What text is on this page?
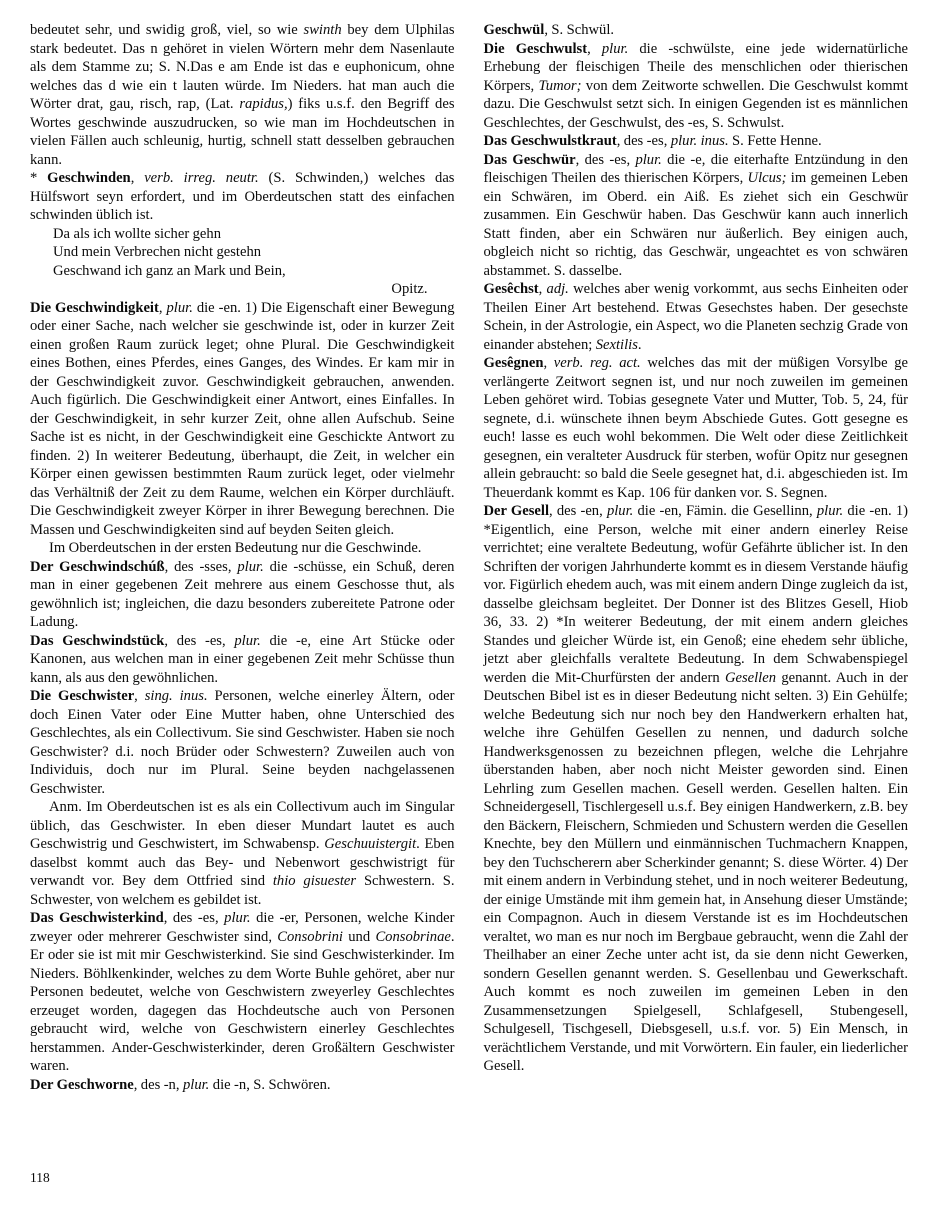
bedeutet sehr, und swidig groß, viel, so wie swinth bey dem Ulphilas stark bedeutet. Das n gehöret in vielen Wörtern mehr dem Nasenlaute als dem Stamme zu; S. N.Das e am Ende ist das e euphonicum, ohne welches das d wie ein t lauten würde. Im Nieders. hat man auch die Wörter drat, gau, risch, rap, (Lat. rapidus,) fiks u.s.f. den Begriff des Wortes geschwinde auszudrucken, so wie man im Hochdeutschen in vielen Fällen auch schleunig, hurtig, schnell statt desselben gebrauchen kann.

* Geschwinden, verb. irreg. neutr. (S. Schwinden,) welches das Hülfswort seyn erfordert, und im Oberdeutschen statt des einfachen schwinden üblich ist.

Da als ich wollte sicher gehn

Und mein Verbrechen nicht gestehn

Geschwand ich ganz an Mark und Bein,

Opitz.

Die Geschwindigkeit, plur. die -en. 1) Die Eigenschaft einer Bewegung oder einer Sache, nach welcher sie geschwinde ist, oder in kurzer Zeit einen großen Raum zurück leget; ohne Plural. Die Geschwindigkeit eines Bothen, eines Pferdes, eines Ganges, des Windes. Er kam mir in der Geschwindigkeit zuvor. Geschwindigkeit gebrauchen, anwenden. Auch figürlich. Die Geschwindigkeit einer Antwort, eines Einfalles. In der Geschwindigkeit, in sehr kurzer Zeit, ohne allen Aufschub. Seine Sache ist es nicht, in der Geschwindigkeit eine Geschickte Antwort zu finden. 2) In weiterer Bedeutung, überhaupt, die Zeit, in welcher ein Körper einen gewissen bestimmten Raum zurück leget, oder vielmehr das Verhältniß der Zeit zu dem Raume, welchen ein Körper durchläuft. Die Geschwindigkeit zweyer Körper in ihrer Bewegung berechnen. Die Massen und Geschwindigkeiten sind auf beyden Seiten gleich.

Im Oberdeutschen in der ersten Bedeutung nur die Geschwinde.

Der Geschwindschúß, des -sses, plur. die -schüsse, ein Schuß, deren man in einer gegebenen Zeit mehrere aus einem Geschosse thut, als gewöhnlich ist; ingleichen, die dazu besonders zubereitete Patrone oder Ladung.

Das Geschwindstück, des -es, plur. die -e, eine Art Stücke oder Kanonen, aus welchen man in einer gegebenen Zeit mehr Schüsse thun kann, als aus den gewöhnlichen.

Die Geschwister, sing. inus. Personen, welche einerley Ältern, oder doch Einen Vater oder Eine Mutter haben, ohne Unterschied des Geschlechtes, als ein Collectivum. Sie sind Geschwister. Haben sie noch Geschwister? d.i. noch Brüder oder Schwestern? Zuweilen auch von Individuis, doch nur im Plural. Seine beyden nachgelassenen Geschwister.

Anm. Im Oberdeutschen ist es als ein Collectivum auch im Singular üblich, das Geschwister. In eben dieser Mundart lautet es auch Geschwistrig und Geschwistert, im Schwabensp. Geschuuistergit. Eben daselbst kommt auch das Bey- und Nebenwort geschwistrigt für verwandt vor. Bey dem Ottfried sind thio gisuester Schwestern. S. Schwester, von welchem es gebildet ist.

Das Geschwisterkind, des -es, plur. die -er, Personen, welche Kinder zweyer oder mehrerer Geschwister sind, Consobrini und Consobrinae. Er oder sie ist mit mir Geschwisterkind. Sie sind Geschwisterkinder. Im Nieders. Böhlkenkinder, welches zu dem Worte Buhle gehöret, aber nur Personen bedeutet, welche von Geschwistern zweyerley Geschlechtes erzeuget worden, dagegen das Hochdeutsche auch von Personen gebraucht wird, welche von Geschwistern einerley Geschlechtes herstammen. Ander-Geschwisterkinder, deren Großältern Geschwister waren.

Der Geschworne, des -n, plur. die -n, S. Schwören.

Geschwül, S. Schwül.

Die Geschwulst, plur. die -schwülste, eine jede widernatürliche Erhebung der fleischigen Theile des menschlichen oder thierischen Körpers, Tumor; von dem Zeitworte schwellen. Die Geschwulst kommt dazu. Die Geschwulst setzt sich. In einigen Gegenden ist es männlichen Geschlechtes, der Geschwulst, des -es, S. Schwulst.

Das Geschwulstkraut, des -es, plur. inus. S. Fette Henne.

Das Geschwür, des -es, plur. die -e, die eiterhafte Entzündung in den fleischigen Theilen des thierischen Körpers, Ulcus; im gemeinen Leben ein Schwären, im Oberd. ein Aiß. Es ziehet sich ein Geschwür zusammen. Ein Geschwür haben. Das Geschwür kann auch innerlich Statt finden, aber ein Schwären nur äußerlich. Bey einigen auch, obgleich nicht so richtig, das Geschwär, ungeachtet es von schwären abstammet. S. dasselbe.

Gesêchst, adj. welches aber wenig vorkommt, aus sechs Einheiten oder Theilen Einer Art bestehend. Etwas Gesechstes haben. Der gesechste Schein, in der Astrologie, ein Aspect, wo die Planeten sechzig Grade von einander abstehen; Sextilis.

Gesêgnen, verb. reg. act. welches das mit der müßigen Vorsylbe ge verlängerte Zeitwort segnen ist, und nur noch zuweilen im gemeinen Leben gehöret wird. Tobias gesegnete Vater und Mutter, Tob. 5, 24, für segnete, d.i. wünschete ihnen beym Abschiede Gutes. Gott gesegne es euch! lasse es euch wohl bekommen. Die Welt oder diese Zeitlichkeit gesegnen, ein veralteter Ausdruck für sterben, wofür Opitz nur gesegnen allein gebraucht: so bald die Seele gesegnet hat, d.i. abgeschieden ist. Im Theuerdank kommt es Kap. 106 für danken vor. S. Segnen.

Der Gesell, des -en, plur. die -en, Fämin. die Gesellinn, plur. die -en. 1) *Eigentlich, eine Person, welche mit einer andern einerley Reise verrichtet; eine veraltete Bedeutung, wofür Gefährte üblicher ist. In den Schriften der vorigen Jahrhunderte kommt es in diesem Verstande häufig vor. Figürlich ehedem auch, was mit einem andern Dinge zugleich da ist, dasselbe gleichsam begleitet. Der Donner ist des Blitzes Gesell, Hiob 36, 33. 2) *In weiterer Bedeutung, der mit einem andern gleiches Standes und gleicher Würde ist, ein Genoß; eine ehedem sehr übliche, jetzt aber gleichfalls veraltete Bedeutung. In dem Schwabenspiegel werden die Mit-Churfürsten der andern Gesellen genannt. Auch in der Deutschen Bibel ist es in dieser Bedeutung nicht selten. 3) Ein Gehülfe; welche Bedeutung sich nur noch bey den Handwerkern erhalten hat, welche ihre Gehülfen Gesellen zu nennen, und dadurch solche Handwerksgenossen zu bezeichnen pflegen, welche die Lehrjahre überstanden haben, aber noch nicht Meister geworden sind. Einen Lehrling zum Gesellen machen. Gesell werden. Gesellen halten. Ein Schneidergesell, Tischlergesell u.s.f. Bey einigen Handwerkern, z.B. bey den Bäckern, Fleischern, Schmieden und Schustern werden die Gesellen Knechte, bey den Müllern und einmännischen Tuchmachern Knappen, bey den Tuchscherern aber Scherkinder genannt; S. diese Wörter. 4) Der mit einem andern in Verbindung stehet, und in noch weiterer Bedeutung, der einige Umstände mit ihm gemein hat, in Ansehung dieser Umstände; ein Compagnon. Auch in diesem Verstande ist es im Hochdeutschen veraltet, wo man es nur noch im Bergbaue gebraucht, wenn die Zahl der Theilhaber an einer Zeche unter acht ist, da sie denn nicht Gewerken, sondern Gesellen genannt werden. S. Gesellenbau und Gewerkschaft. Auch kommt es noch zuweilen im gemeinen Leben in den Zusammensetzungen Spielgesell, Schlafgesell, Stubengesell, Schulgesell, Tischgesell, Diebsgesell, u.s.f. vor. 5) Ein Mensch, in verächtlichem Verstande, und mit Vorwörtern. Ein fauler, ein liederlicher Gesell.

118
